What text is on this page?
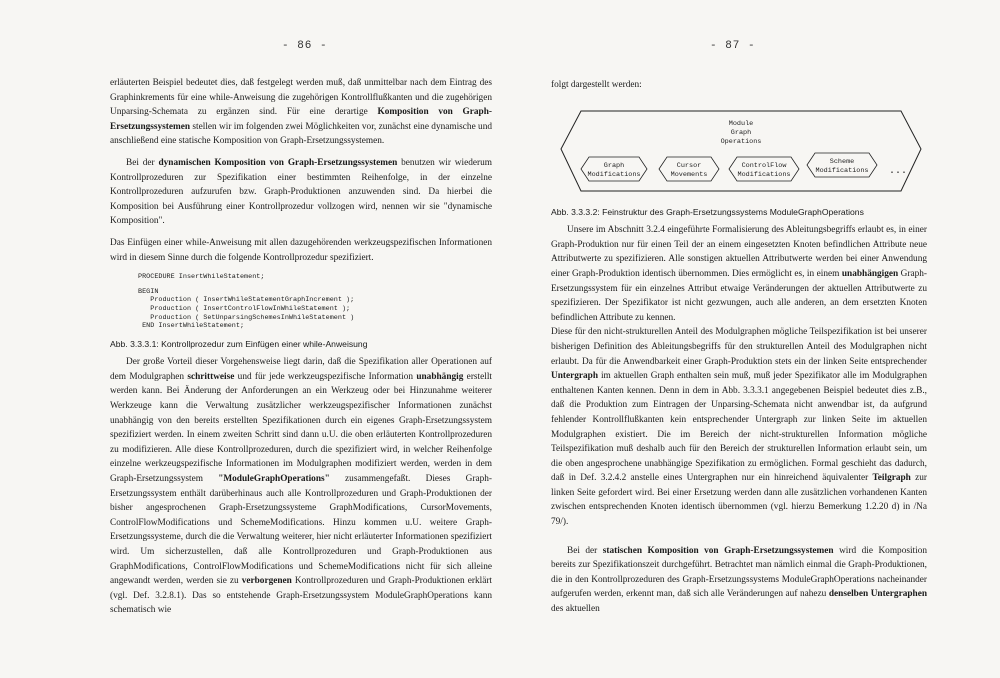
- 86 -	- 87 -

erläuterten Beispiel bedeutet dies, daß festgelegt werden muß, daß unmittelbar nach dem Eintrag des Graphinkrements für eine while-Anweisung die zugehörigen Kontrollflußkanten und die zugehörigen Unparsing-Schemata zu ergänzen sind. Für eine derartige Komposition von Graph-Ersetzungssystemen stellen wir im folgenden zwei Möglichkeiten vor, zunächst eine dynamische und anschließend eine statische Komposition von Graph-Ersetzungssystemen.

Bei der dynamischen Komposition von Graph-Ersetzungssystemen benutzen wir wiederum Kontrollprozeduren zur Spezifikation einer bestimmten Reihenfolge, in der einzelne Kontrollprozeduren aufzurufen bzw. Graph-Produktionen anzuwenden sind. Da hierbei die Komposition bei Ausführung einer Kontrollprozedur vollzogen wird, nennen wir sie "dynamische Komposition".

Das Einfügen einer while-Anweisung mit allen dazugehörenden werkzeugspezifischen Informationen wird in diesem Sinne durch die folgende Kontrollprozedur spezifiziert.

PROCEDURE InsertWhileStatement;
BEGIN
Production ( InsertWhileStatementGraphIncrement );
Production ( InsertControlFlowInWhileStatement );
Production ( SetUnparsingSchemesInWhileStatement )
END InsertWhileStatement;

Abb. 3.3.3.1: Kontrollprozedur zum Einfügen einer while-Anweisung

Der große Vorteil dieser Vorgehensweise liegt darin, daß die Spezifikation aller Operationen auf dem Modulgraphen schrittweise und für jede werkzeugspezifische Information unabhängig erstellt werden kann. Bei Änderung der Anforderungen an ein Werkzeug oder bei Hinzunahme weiterer Werkzeuge kann die Verwaltung zusätzlicher werkzeugspezifischer Informationen zunächst unabhängig von den bereits erstellten Spezifikationen durch ein eigenes Graph-Ersetzungssystem spezifiziert werden. In einem zweiten Schritt sind dann u.U. die oben erläuterten Kontrollprozeduren zu modifizieren. Alle diese Kontrollprozeduren, durch die spezifiziert wird, in welcher Reihenfolge einzelne werkzeugspezifische Informationen im Modulgraphen modifiziert werden, werden in dem Graph-Ersetzungssystem "ModuleGraphOperations" zusammengefaßt. Dieses Graph-Ersetzungssystem enthält darüberhinaus auch alle Kontrollprozeduren und Graph-Produktionen der bisher angesprochenen Graph-Ersetzungssysteme GraphModifications, CursorMovements, ControlFlowModifications und SchemeModifications. Hinzu kommen u.U. weitere Graph-Ersetzungssysteme, durch die die Verwaltung weiterer, hier nicht erläuterter Informationen spezifiziert wird. Um sicherzustellen, daß alle Kontrollprozeduren und Graph-Produktionen aus GraphModifications, ControlFlowModifications und SchemeModifications nicht für sich alleine angewandt werden, werden sie zu verborgenen Kontrollprozeduren und Graph-Produktionen erklärt (vgl. Def. 3.2.8.1). Das so entstehende Graph-Ersetzungssystem ModuleGraphOperations kann schematisch wie

folgt dargestellt werden:

Module
Graph
Operations
Graph
Modifications
Cursor
Movements
ControlFlow
Modifications
Scheme
Modifications ...

Abb. 3.3.3.2: Feinstruktur des Graph-Ersetzungssystems ModuleGraphOperations

Unsere im Abschnitt 3.2.4 eingeführte Formalisierung des Ableitungsbegriffs erlaubt es, in einer Graph-Produktion nur für einen Teil der an einem eingesetzten Knoten befindlichen Attribute neue Attributwerte zu spezifizieren. Alle sonstigen aktuellen Attributwerte werden bei einer Anwendung einer Graph-Produktion identisch übernommen. Dies ermöglicht es, in einem unabhängigen Graph-Ersetzungssystem für ein einzelnes Attribut etwaige Veränderungen der aktuellen Attributwerte zu spezifizieren. Der Spezifikator ist nicht gezwungen, auch alle anderen, an dem ersetzten Knoten befindlichen Attribute zu kennen.

Diese für den nicht-strukturellen Anteil des Modulgraphen mögliche Teilspezifikation ist bei unserer bisherigen Definition des Ableitungsbegriffs für den strukturellen Anteil des Modulgraphen nicht erlaubt. Da für die Anwendbarkeit einer Graph-Produktion stets ein der linken Seite entsprechender Untergraph im aktuellen Graph enthalten sein muß, muß jeder Spezifikator alle im Modulgraphen enthaltenen Kanten kennen. Denn in dem in Abb. 3.3.3.1 angegebenen Beispiel bedeutet dies z.B., daß die Produktion zum Eintragen der Unparsing-Schemata nicht anwendbar ist, da aufgrund fehlender Kontrollflußkanten kein entsprechender Untergraph zur linken Seite im aktuellen Modulgraphen existiert. Die im Bereich der nicht-strukturellen Information mögliche Teilspezifikation muß deshalb auch für den Bereich der strukturellen Information erlaubt sein, um die oben angesprochene unabhängige Spezifikation zu ermöglichen. Formal geschieht das dadurch, daß in Def. 3.2.4.2 anstelle eines Untergraphen nur ein hinreichend äquivalenter Teilgraph zur linken Seite gefordert wird. Bei einer Ersetzung werden dann alle zusätzlichen vorhandenen Kanten zwischen entsprechenden Knoten identisch übernommen (vgl. hierzu Bemerkung 1.2.20 d) in /Na 79/).

Bei der statischen Komposition von Graph-Ersetzungssystemen wird die Komposition bereits zur Spezifikationszeit durchgeführt. Betrachtet man nämlich einmal die Graph-Produktionen, die in den Kontrollprozeduren des Graph-Ersetzungssystems ModuleGraphOperations nacheinander aufgerufen werden, erkennt man, daß sich alle Veränderungen auf nahezu denselben Untergraphen des aktuellen
